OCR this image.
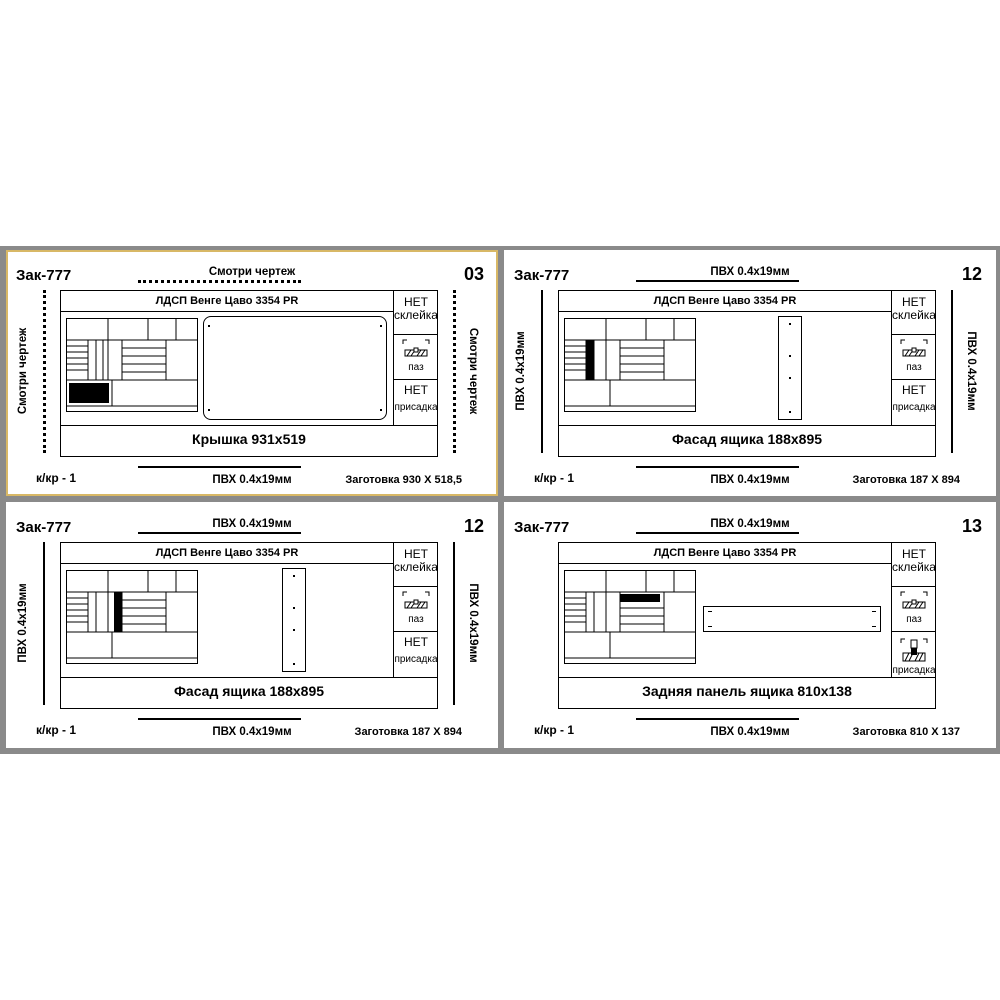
Зак-777	03
Смотри чертеж
Смотри чертеж	Смотри чертеж
ЛДСП Венге Цаво 3354 PR	НЕТ
склейка
паз
НЕТ
присадка
Крышка 931x519
к/кр - 1	ПВХ 0.4х19мм	Заготовка 930 X 518,5
Зак-777	12
ПВХ 0.4х19мм
ПВХ 0.4х19мм	ПВХ 0.4х19мм
ЛДСП Венге Цаво 3354 PR	НЕТ
склейка
паз
НЕТ
присадка
Фасад ящика 188x895
к/кр - 1	ПВХ 0.4х19мм	Заготовка 187 X 894
Зак-777	12
ПВХ 0.4х19мм
ПВХ 0.4х19мм	ПВХ 0.4х19мм
ЛДСП Венге Цаво 3354 PR	НЕТ
склейка
паз
НЕТ
присадка
Фасад ящика 188x895
к/кр - 1	ПВХ 0.4х19мм	Заготовка 187 X 894
Зак-777	13
ПВХ 0.4х19мм
ЛДСП Венге Цаво 3354 PR	НЕТ
склейка
паз
присадка
Задняя панель ящика 810x138
к/кр - 1	ПВХ 0.4х19мм	Заготовка 810 X 137
